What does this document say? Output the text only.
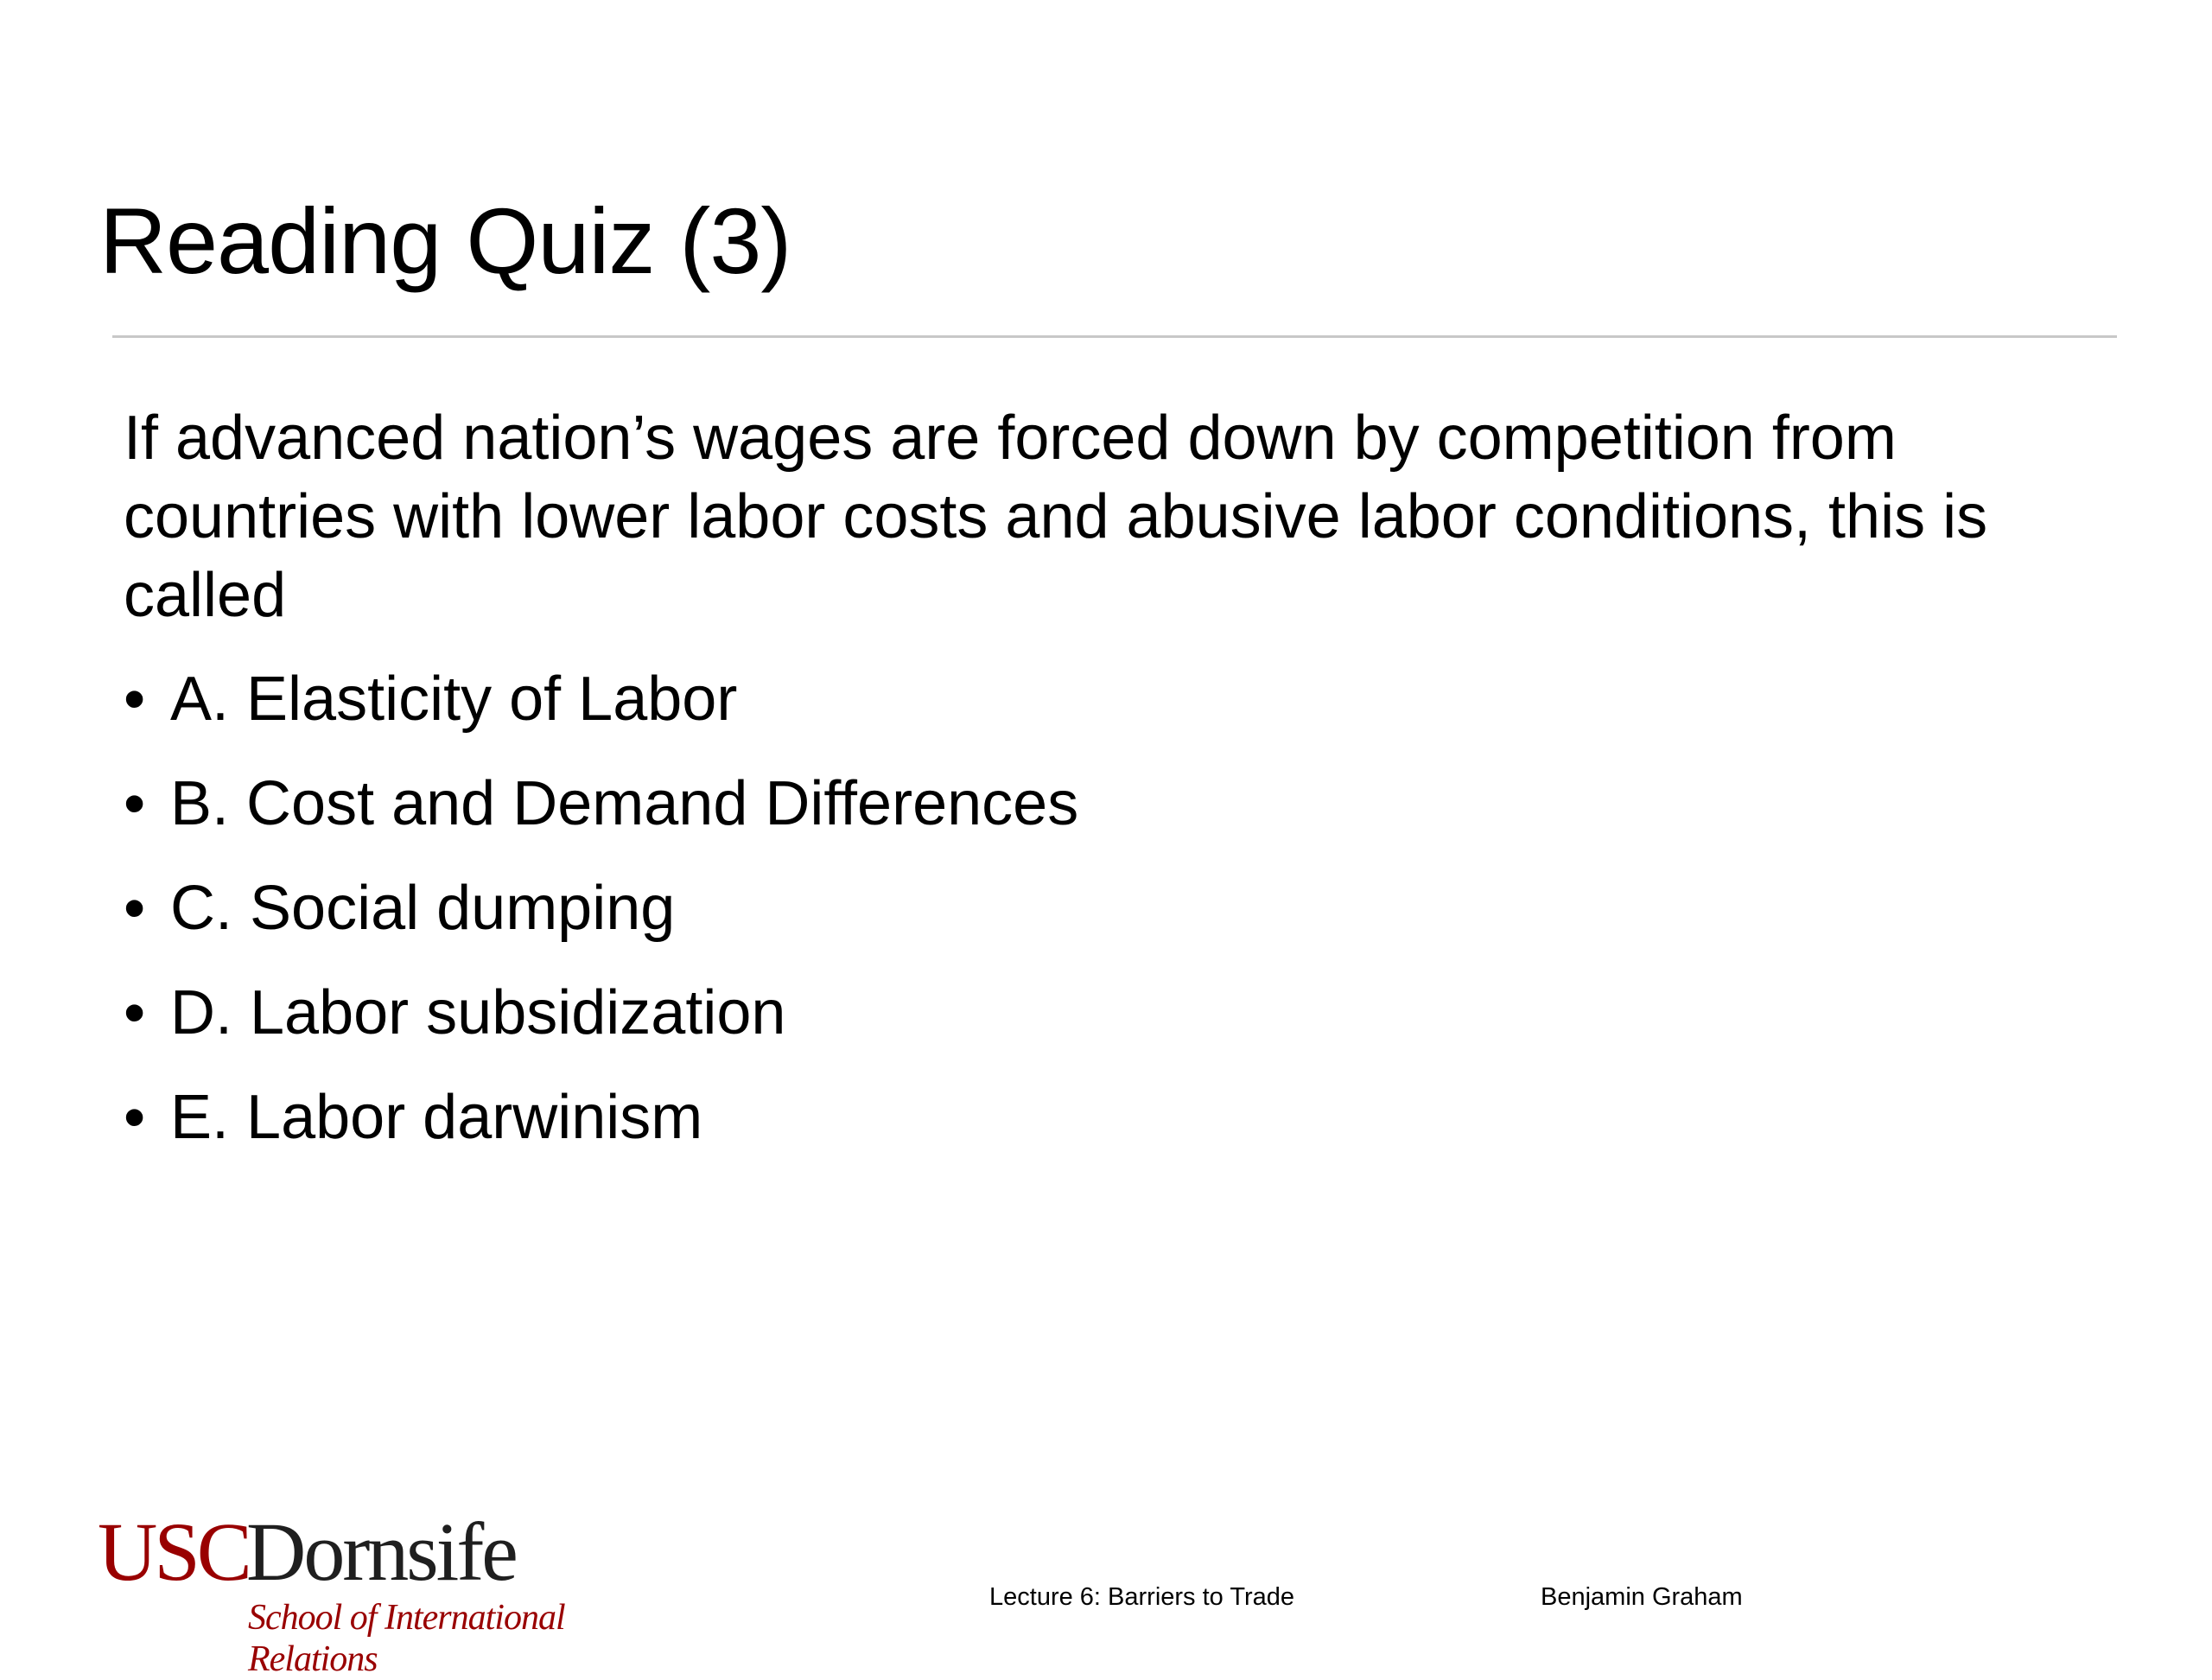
Reading Quiz (3)

If advanced nation’s wages are forced down by competition from countries with lower labor costs and abusive labor conditions, this is called

• A. Elasticity of Labor
• B. Cost and Demand Differences
• C. Social dumping
• D. Labor subsidization
• E. Labor darwinism
USC
Dornsife
School of International Relations
Lecture 6: Barriers to Trade	Benjamin Graham
